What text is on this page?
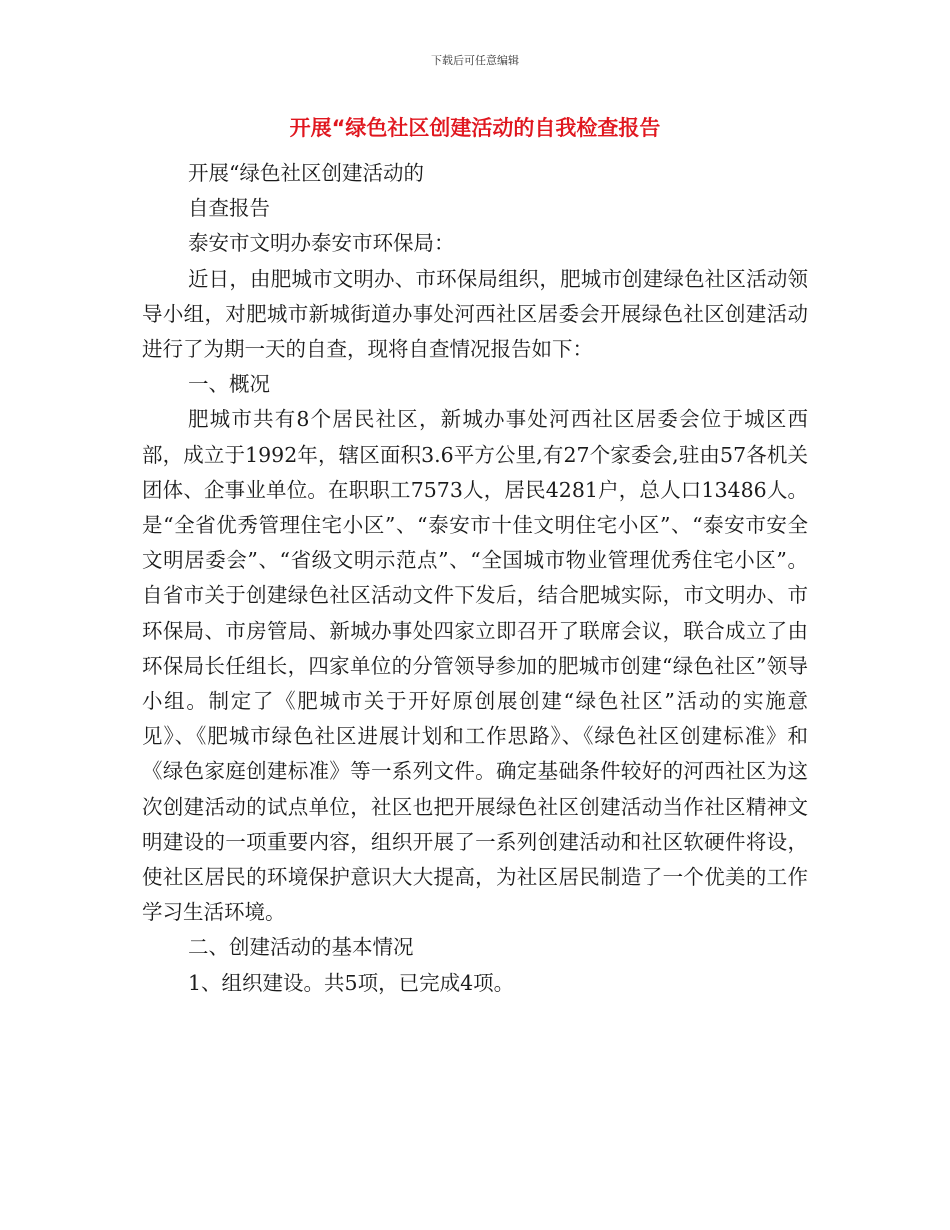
下载后可任意编辑
开展“绿色社区创建活动的自我检查报告

开展“绿色社区创建活动的

自查报告

泰安市文明办泰安市环保局：

近日，由肥城市文明办、市环保局组织，肥城市创建绿色社区活动领导小组，对肥城市新城街道办事处河西社区居委会开展绿色社区创建活动进行了为期一天的自查，现将自查情况报告如下：

一、概况

肥城市共有8个居民社区，新城办事处河西社区居委会位于城区西部，成立于1992年，辖区面积3.6平方公里,有27个家委会,驻由57各机关团体、企事业单位。在职职工7573人，居民4281户，总人口13486人。是“全省优秀管理住宅小区”、“泰安市十佳文明住宅小区”、“泰安市安全文明居委会”、“省级文明示范点”、“全国城市物业管理优秀住宅小区”。自省市关于创建绿色社区活动文件下发后，结合肥城实际，市文明办、市环保局、市房管局、新城办事处四家立即召开了联席会议，联合成立了由环保局长任组长，四家单位的分管领导参加的肥城市创建“绿色社区”领导小组。制定了《肥城市关于开好原创展创建“绿色社区”活动的实施意见》、《肥城市绿色社区进展计划和工作思路》、《绿色社区创建标准》和《绿色家庭创建标准》等一系列文件。确定基础条件较好的河西社区为这次创建活动的试点单位，社区也把开展绿色社区创建活动当作社区精神文明建设的一项重要内容，组织开展了一系列创建活动和社区软硬件将设，使社区居民的环境保护意识大大提高，为社区居民制造了一个优美的工作学习生活环境。

二、创建活动的基本情况

1、组织建设。共5项，已完成4项。
